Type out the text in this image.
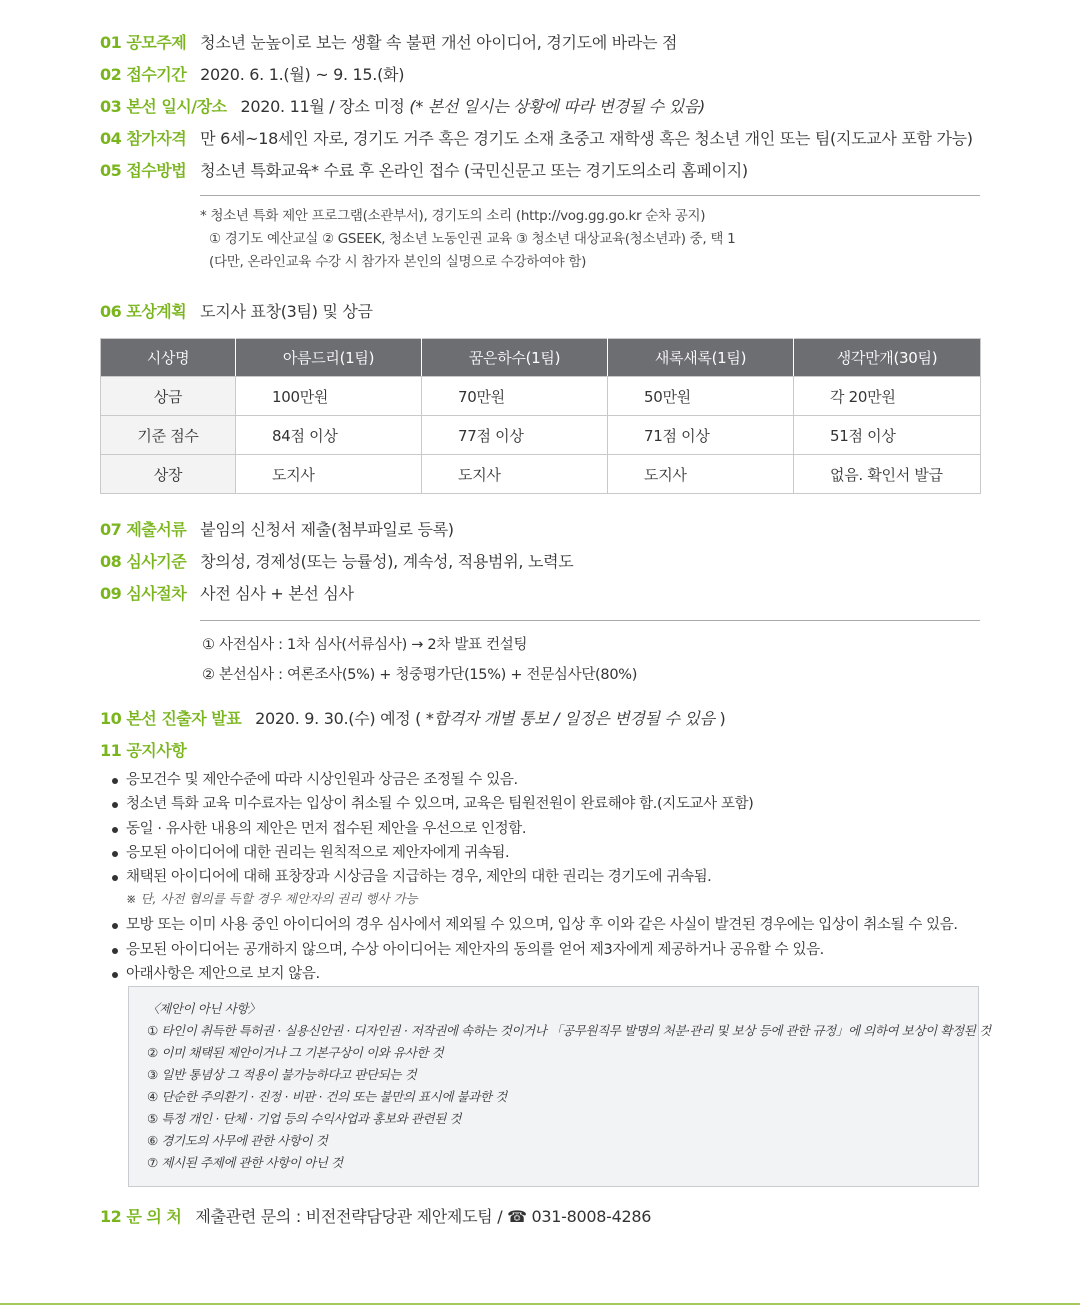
01 공모주제 청소년 눈높이로 보는 생활 속 불편 개선 아이디어, 경기도에 바라는 점
02 접수기간 2020. 6. 1.(월) ~ 9. 15.(화)
03 본선 일시/장소 2020. 11월 / 장소 미정 (* 본선 일시는 상황에 따라 변경될 수 있음)
04 참가자격 만 6세~18세인 자로, 경기도 거주 혹은 경기도 소재 초중고 재학생 혹은 청소년 개인 또는 팀(지도교사 포함 가능)
05 접수방법 청소년 특화교육* 수료 후 온라인 접수 (국민신문고 또는 경기도의소리 홈페이지)
* 청소년 특화 제안 프로그램(소관부서), 경기도의 소리 (http://vog.gg.go.kr 순차 공지)
① 경기도 예산교실 ② GSEEK, 청소년 노동인권 교육 ③ 청소년 대상교육(청소년과) 중, 택 1
(다만, 온라인교육 수강 시 참가자 본인의 실명으로 수강하여야 함)
06 포상계획 도지사 표창(3팀) 및 상금
시상명	아름드리(1팀)	꿈은하수(1팀)	새록새록(1팀)	생각만개(30팀)
상금	100만원	70만원	50만원	각 20만원
기준 점수	84점 이상	77점 이상	71점 이상	51점 이상
상장	도지사	도지사	도지사	없음. 확인서 발급
07 제출서류 붙임의 신청서 제출(첨부파일로 등록)
08 심사기준 창의성, 경제성(또는 능률성), 계속성, 적용범위, 노력도
09 심사절차 사전 심사 + 본선 심사
① 사전심사 : 1차 심사(서류심사) → 2차 발표 컨설팅
② 본선심사 : 여론조사(5%) + 청중평가단(15%) + 전문심사단(80%)
10 본선 진출자 발표 2020. 9. 30.(수) 예정 ( *합격자 개별 통보 / 일정은 변경될 수 있음 )
11 공지사항
응모건수 및 제안수준에 따라 시상인원과 상금은 조정될 수 있음.
청소년 특화 교육 미수료자는 입상이 취소될 수 있으며, 교육은 팀원전원이 완료해야 함.(지도교사 포함)
동일 · 유사한 내용의 제안은 먼저 접수된 제안을 우선으로 인정함.
응모된 아이디어에 대한 권리는 원칙적으로 제안자에게 귀속됨.
채택된 아이디어에 대해 표창장과 시상금을 지급하는 경우, 제안의 대한 권리는 경기도에 귀속됨.
모방 또는 이미 사용 중인 아이디어의 경우 심사에서 제외될 수 있으며, 입상 후 이와 같은 사실이 발견된 경우에는 입상이 취소될 수 있음.
응모된 아이디어는 공개하지 않으며, 수상 아이디어는 제안자의 동의를 얻어 제3자에게 제공하거나 공유할 수 있음.
아래사항은 제안으로 보지 않음.
※ 단, 사전 협의를 득할 경우 제안자의 권리 행사 가능
〈제안이 아닌 사항〉
① 타인이 취득한 특허권 · 실용신안권 · 디자인권 · 저작권에 속하는 것이거나 「공무원직무 발명의 처분·관리 및 보상 등에 관한 규정」에 의하여 보상이 확정된 것
② 이미 채택된 제안이거나 그 기본구상이 이와 유사한 것
③ 일반 통념상 그 적용이 불가능하다고 판단되는 것
④ 단순한 주의환기 · 진정 · 비판 · 건의 또는 불만의 표시에 불과한 것
⑤ 특정 개인 · 단체 · 기업 등의 수익사업과 홍보와 관련된 것
⑥ 경기도의 사무에 관한 사항이 것
⑦ 제시된 주제에 관한 사항이 아닌 것
12 문 의 처 제출관련 문의 : 비전전략담당관 제안제도팀 / ☎ 031-8008-4286
